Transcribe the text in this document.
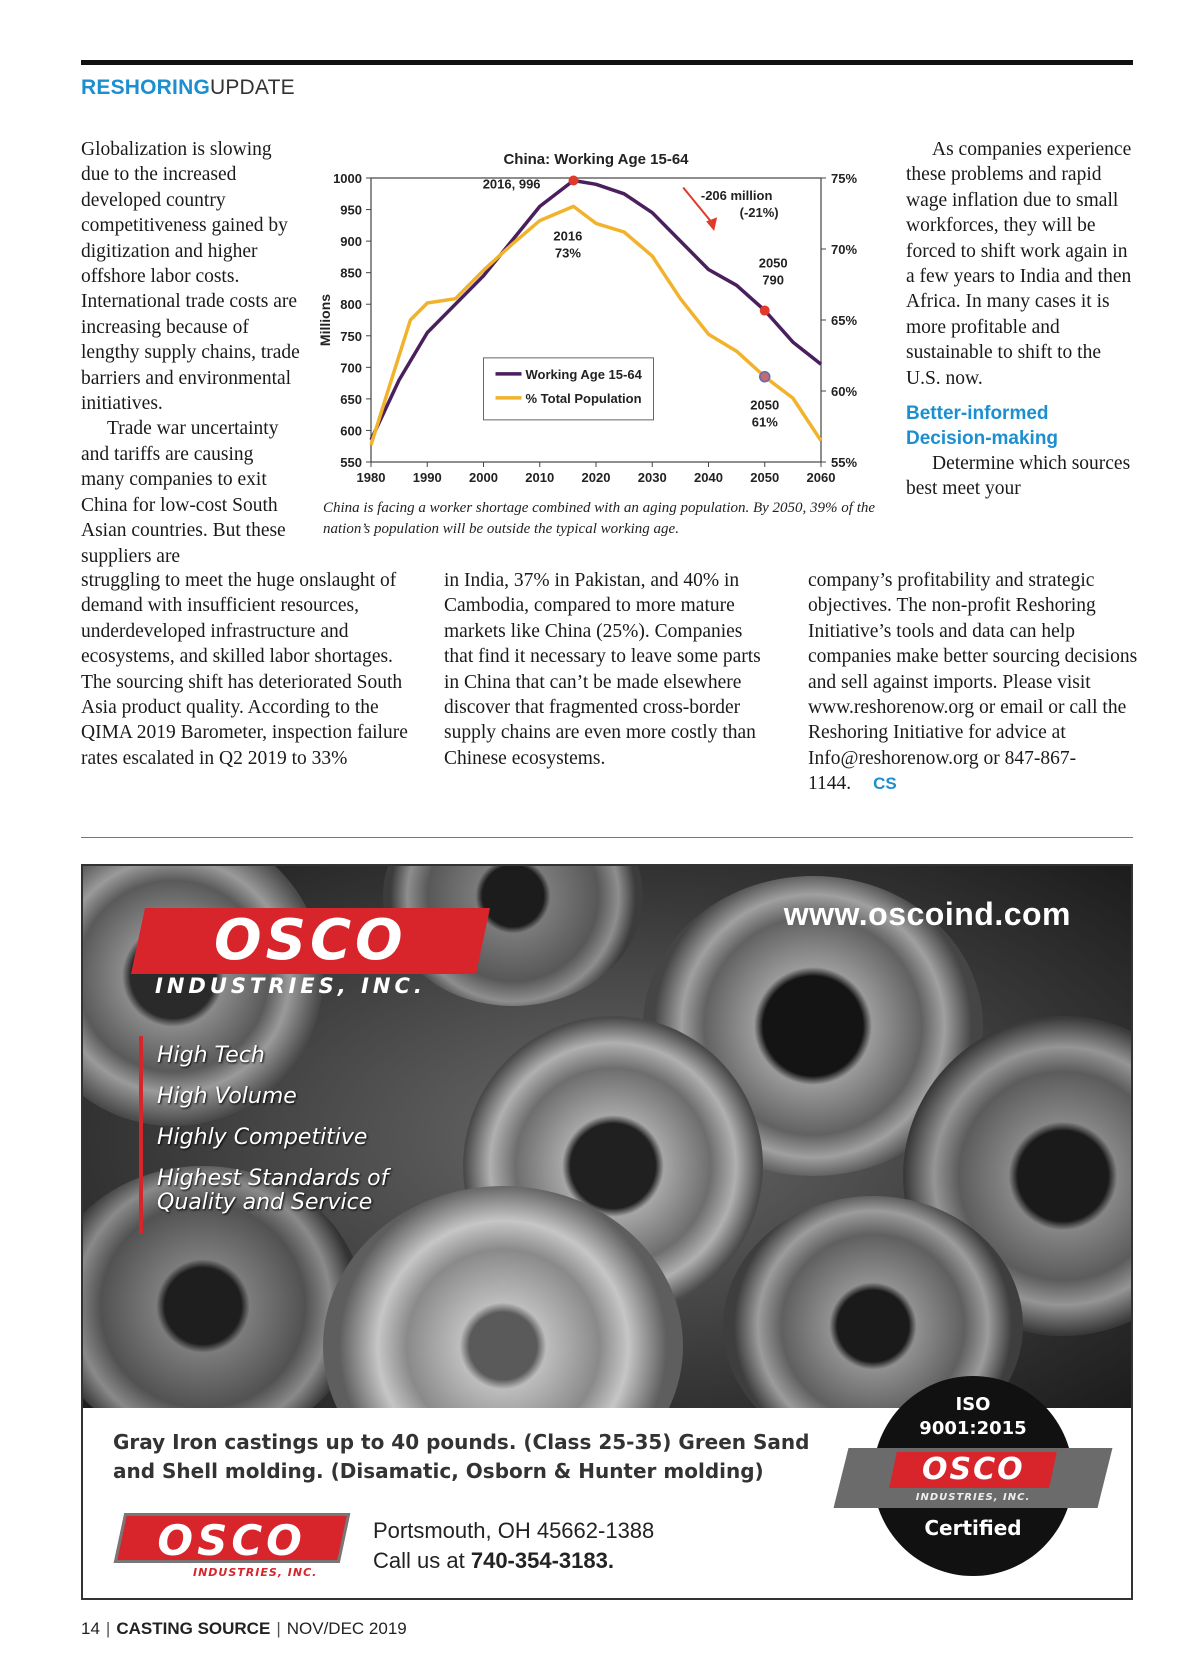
RESHORINGUPDATE

Globalization is slowing due to the increased developed country competitiveness gained by digitization and higher offshore labor costs. International trade costs are increasing because of lengthy supply chains, trade barriers and environmental initiatives.

Trade war uncertainty and tariffs are causing many companies to exit China for low-cost South Asian countries. But these suppliers are

China: Working Age 15-64
1980 1990 2000 2010 2020 2030 2040 2050 2060
550
600
650
700
750
800
850
900
950
1000
55%
60%
65%
70%
75%
Millions
2016, 996
2016
73%
-206 million
(-21%)
2050
790
2050
61%
Working Age 15-64
% Total Population
China is facing a worker shortage combined with an aging population. By 2050, 39% of the nation’s population will be outside the typical working age.

As companies experience these problems and rapid wage inflation due to small workforces, they will be forced to shift work again in a few years to India and then Africa. In many cases it is more profitable and sustainable to shift to the U.S. now.

Better-informed Decision-making

Determine which sources best meet your

struggling to meet the huge onslaught of demand with insufficient resources, underdeveloped infrastructure and ecosystems, and skilled labor shortages. The sourcing shift has deteriorated South Asia product quality. According to the QIMA 2019 Barometer, inspection failure rates escalated in Q2 2019 to 33%

in India, 37% in Pakistan, and 40% in Cambodia, compared to more mature markets like China (25%). Companies that find it necessary to leave some parts in China that can’t be made elsewhere discover that fragmented cross-border supply chains are even more costly than Chinese ecosystems.

company’s profitability and strategic objectives. The non-profit Reshoring Initiative’s tools and data can help companies make better sourcing decisions and sell against imports. Please visit www.reshorenow.org or email or call the Reshoring Initiative for advice at Info@reshorenow.org or 847-867-1144. CS

OSCO
INDUSTRIES, INC.
www.oscoind.com
High Tech
High Volume
Highly Competitive
Highest Standards of
Quality and Service
Gray Iron castings up to 40 pounds. (Class 25-35) Green Sand
and Shell molding. (Disamatic, Osborn & Hunter molding)
OSCO
INDUSTRIES, INC.
Portsmouth, OH 45662-1388
Call us at 740-354-3183.
ISO
9001:2015
OSCO
INDUSTRIES, INC.
Certified
14 | CASTING SOURCE | NOV/DEC 2019
